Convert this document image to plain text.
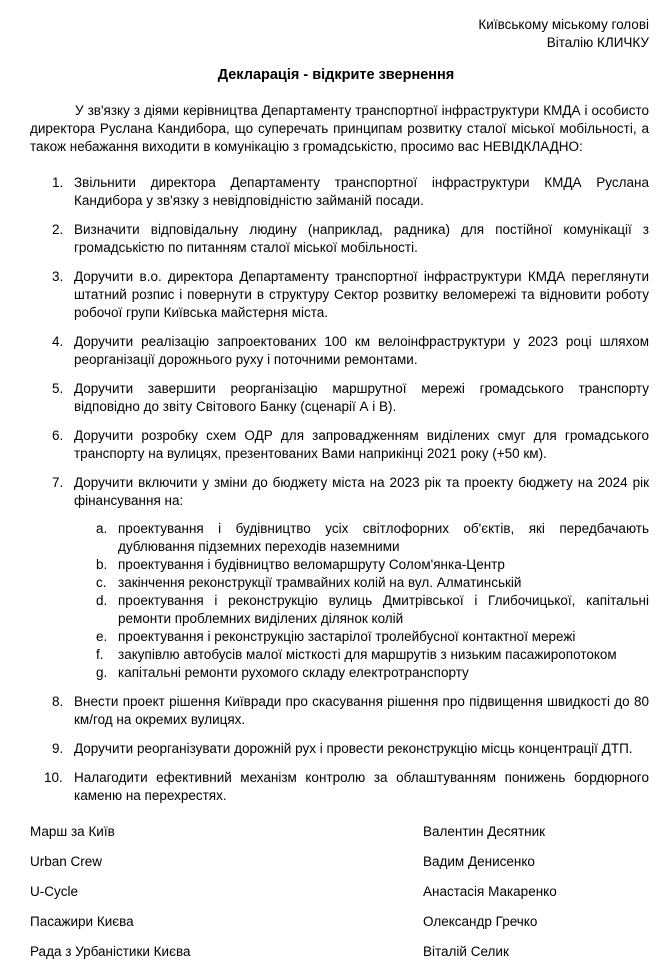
Київському міському голові
Віталію КЛИЧКУ
Декларація - відкрите звернення
У зв'язку з діями керівництва Департаменту транспортної інфраструктури КМДА і особисто директора Руслана Кандибора, що суперечать принципам розвитку сталої міської мобільності, а також небажання виходити в комунікацію з громадськістю, просимо вас НЕВІДКЛАДНО:
1. Звільнити директора Департаменту транспортної інфраструктури КМДА Руслана Кандибора у зв'язку з невідповідністю займаній посади.
2. Визначити відповідальну людину (наприклад, радника) для постійної комунікації з громадськістю по питанням сталої міської мобільності.
3. Доручити в.о. директора Департаменту транспортної інфраструктури КМДА переглянути штатний розпис і повернути в структуру Сектор розвитку веломережі та відновити роботу робочої групи Київська майстерня міста.
4. Доручити реалізацію запроектованих 100 км велоінфраструктури у 2023 році шляхом реорганізації дорожнього руху і поточними ремонтами.
5. Доручити завершити реорганізацію маршрутної мережі громадського транспорту відповідно до звіту Світового Банку (сценарії А і В).
6. Доручити розробку схем ОДР для запровадженням виділених смуг для громадського транспорту на вулицях, презентованих Вами наприкінці 2021 року (+50 км).
7. Доручити включити у зміни до бюджету міста на 2023 рік та проекту бюджету на 2024 рік фінансування на:
a. проектування і будівництво усіх світлофорних об'єктів, які передбачають дублювання підземних переходів наземними
b. проектування і будівництво веломаршруту Солом'янка-Центр
c. закінчення реконструкції трамвайних колій на вул. Алматинській
d. проектування і реконструкцію вулиць Дмитрівської і Глибочицької, капітальні ремонти проблемних виділених ділянок колій
e. проектування і реконструкцію застарілої тролейбусної контактної мережі
f. закупівлю автобусів малої місткості для маршрутів з низьким пасажиропотоком
g. капітальні ремонти рухомого складу електротранспорту
8. Внести проект рішення Київради про скасування рішення про підвищення швидкості до 80 км/год на окремих вулицях.
9. Доручити реорганізувати дорожній рух і провести реконструкцію місць концентрації ДТП.
10. Налагодити ефективний механізм контролю за облаштуванням понижень бордюрного каменю на перехрестях.
Марш за Київ	Валентин Десятник
Urban Crew	Вадим Денисенко
U-Cycle	Анастасія Макаренко
Пасажири Києва	Олександр Гречко
Рада з Урбаністики Києва	Віталій Селик
